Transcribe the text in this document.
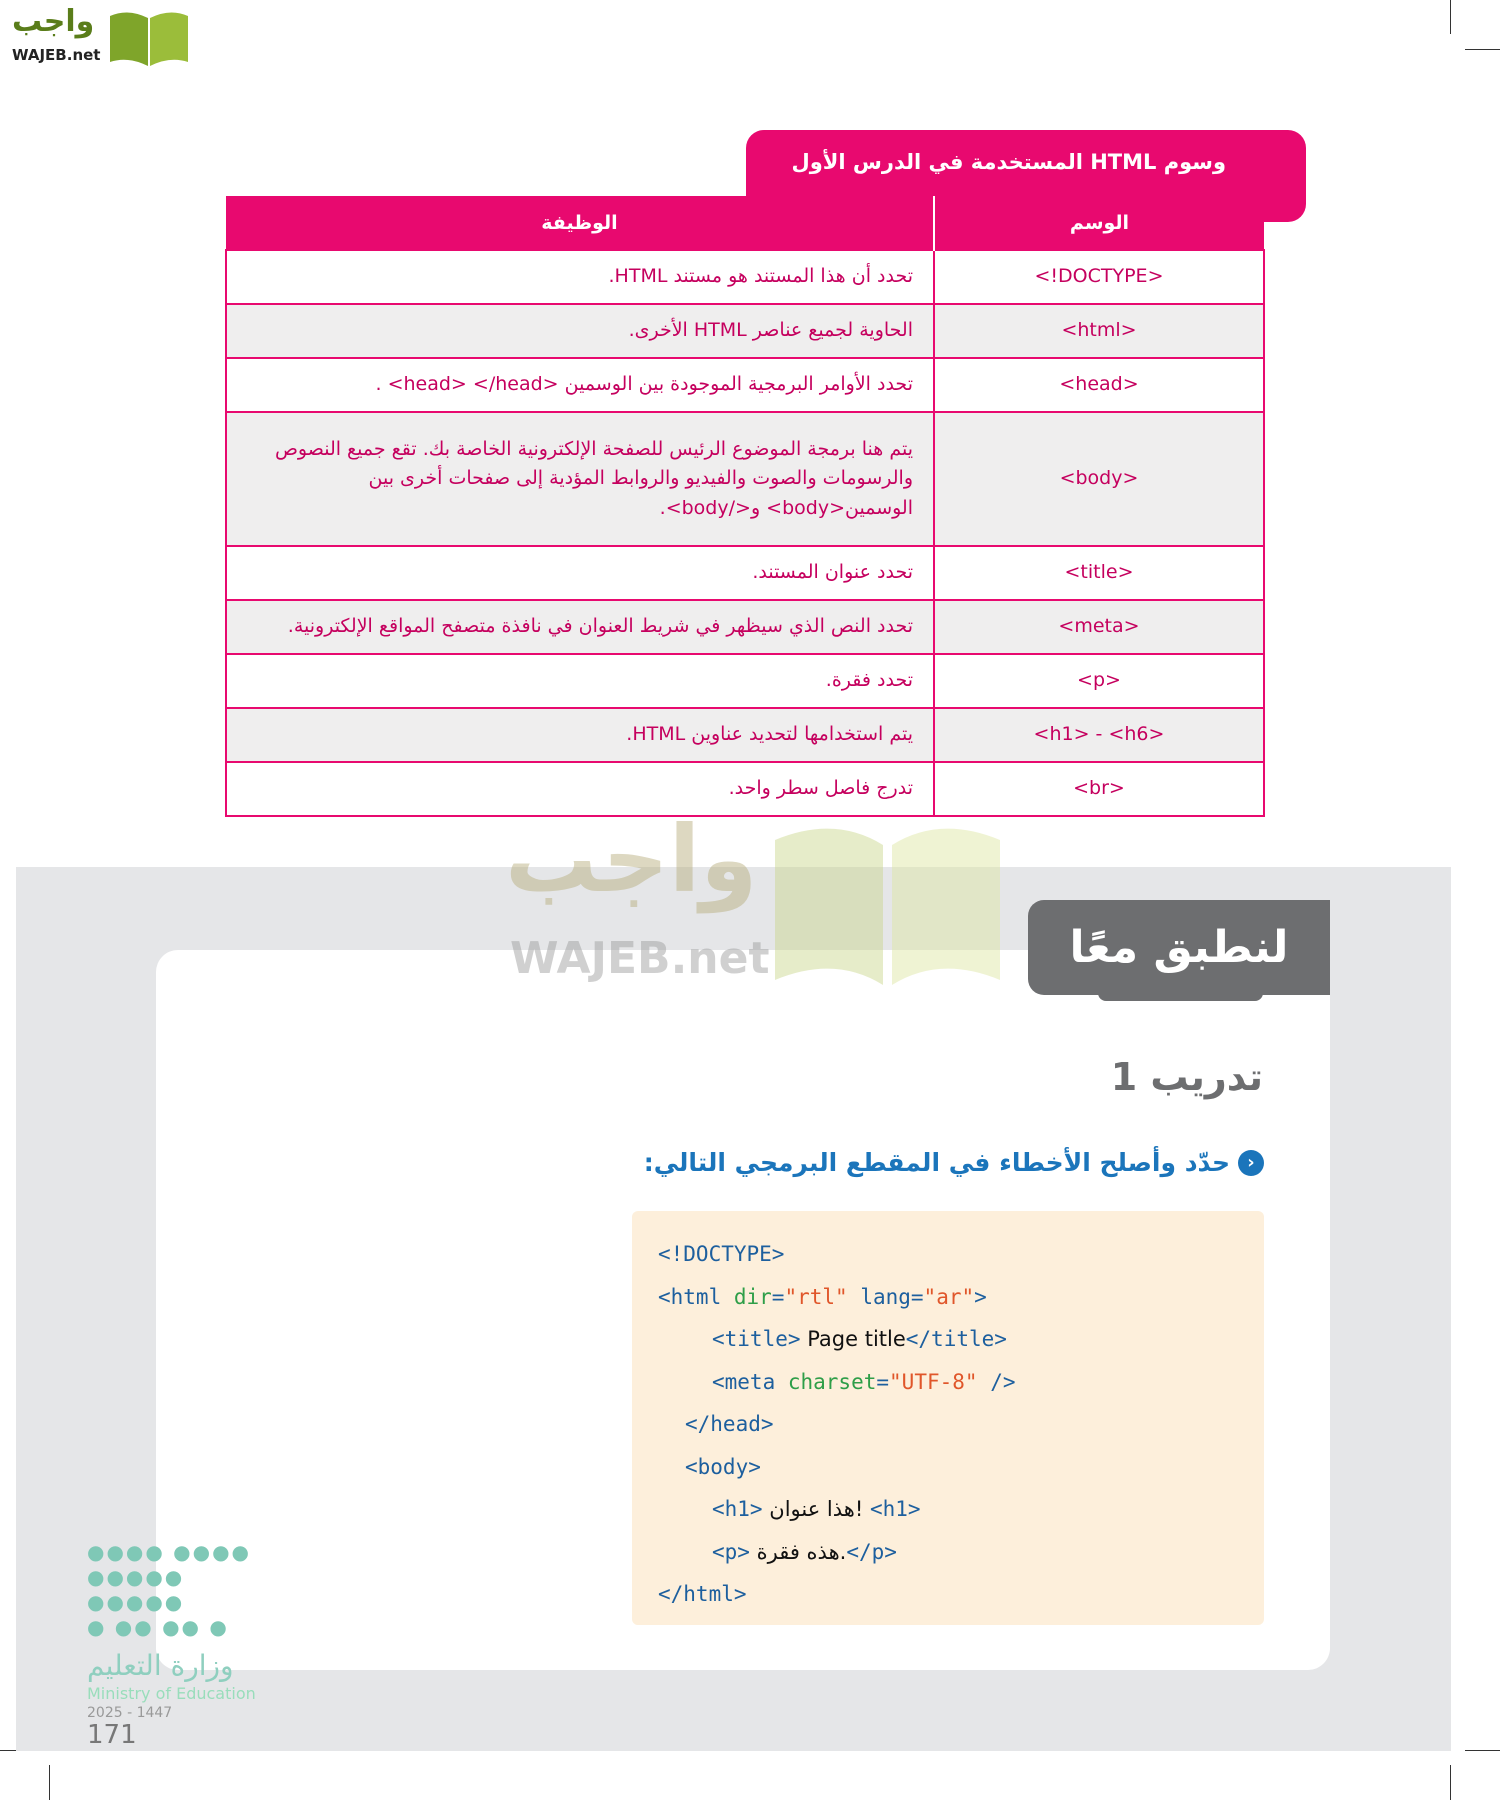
واجب
WAJEB.net
وسوم HTML المستخدمة في الدرس الأول
الوسم	الوظيفة
<!DOCTYPE>	تحدد أن هذا المستند هو مستند HTML.
<html>	الحاوية لجميع عناصر HTML الأخرى.
<head>	تحدد الأوامر البرمجية الموجودة بين الوسمين <head> </head> .
<body>	يتم هنا برمجة الموضوع الرئيس للصفحة الإلكترونية الخاصة بك. تقع جميع النصوص والرسومات والصوت والفيديو والروابط المؤدية إلى صفحات أخرى بين الوسمين<body> و</body>.
<title>	تحدد عنوان المستند.
<meta>	تحدد النص الذي سيظهر في شريط العنوان في نافذة متصفح المواقع الإلكترونية.
<p>	تحدد فقرة.
<h1> - <h6>	يتم استخدامها لتحديد عناوين HTML.
<br>	تدرج فاصل سطر واحد.
واجب
WAJEB.net	لنطبق معًا
تدريب 1
‹
حدّد وأصلح الأخطاء في المقطع البرمجي التالي:
<!DOCTYPE>
<html dir="rtl" lang="ar">
<title> Page title</title>
<meta charset="UTF-8" />
</head>
<body>
<h1> هذا عنوان! <h1>
<p> هذه فقرة.</p>
</html>
●●●● ●●●●
●●●●● ●●●●●
● ●● ●● ●
وزارة التعليم
Ministry of Education
2025 - 1447
171
